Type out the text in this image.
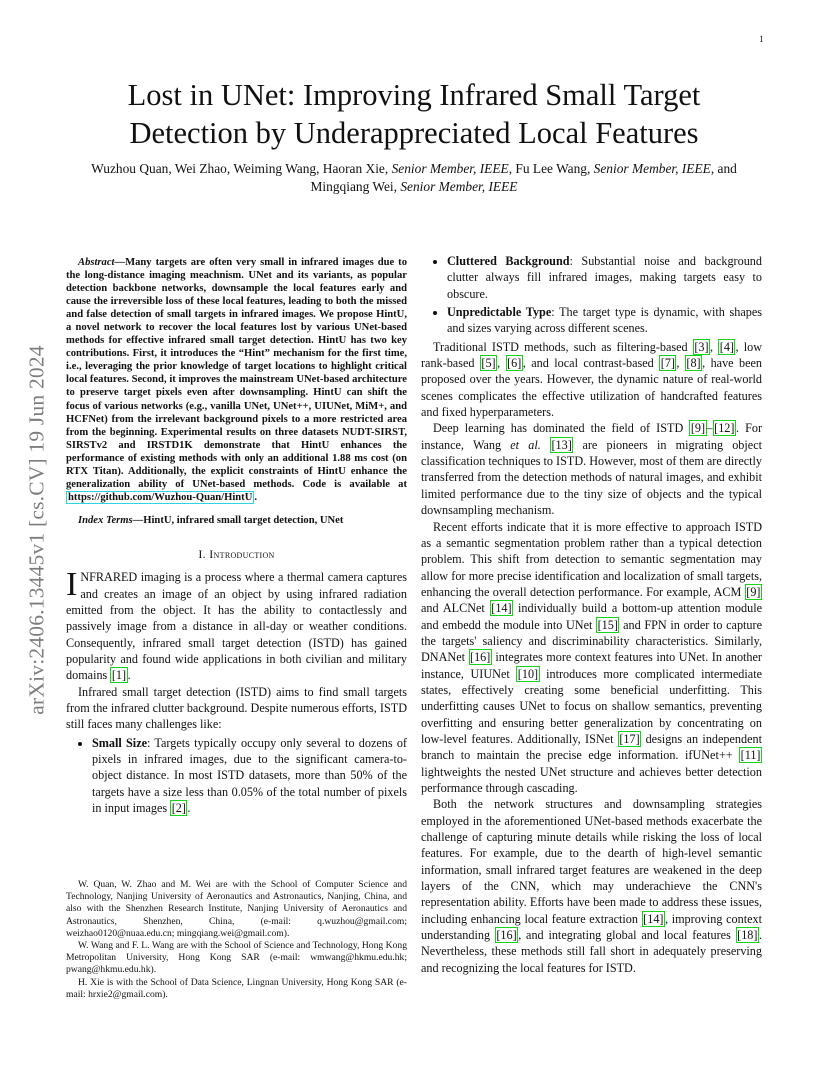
1
arXiv:2406.13445v1 [cs.CV] 19 Jun 2024
Lost in UNet: Improving Infrared Small Target
Detection by Underappreciated Local Features
Wuzhou Quan, Wei Zhao, Weiming Wang, Haoran Xie, Senior Member, IEEE, Fu Lee Wang, Senior Member, IEEE, and Mingqiang Wei, Senior Member, IEEE

Abstract—Many targets are often very small in infrared images due to the long-distance imaging meachnism. UNet and its variants, as popular detection backbone networks, downsample the local features early and cause the irreversible loss of these local features, leading to both the missed and false detection of small targets in infrared images. We propose HintU, a novel network to recover the local features lost by various UNet-based methods for effective infrared small target detection. HintU has two key contributions. First, it introduces the “Hint” mechanism for the first time, i.e., leveraging the prior knowledge of target locations to highlight critical local features. Second, it improves the mainstream UNet-based architecture to preserve target pixels even after downsampling. HintU can shift the focus of various networks (e.g., vanilla UNet, UNet++, UIUNet, MiM+, and HCFNet) from the irrelevant background pixels to a more restricted area from the beginning. Experimental results on three datasets NUDT-SIRST, SIRSTv2 and IRSTD1K demonstrate that HintU enhances the performance of existing methods with only an additional 1.88 ms cost (on RTX Titan). Additionally, the explicit constraints of HintU enhance the generalization ability of UNet-based methods. Code is available at https://github.com/Wuzhou-Quan/HintU .

Index Terms—HintU, infrared small target detection, UNet

I. Introduction

INFRARED imaging is a process where a thermal camera captures and creates an image of an object by using infrared radiation emitted from the object. It has the ability to contactlessly and passively image from a distance in all-day or weather conditions. Consequently, infrared small target detection (ISTD) has gained popularity and found wide applications in both civilian and military domains [1] .

Infrared small target detection (ISTD) aims to find small targets from the infrared clutter background. Despite numerous efforts, ISTD still faces many challenges like:

• Small Size: Targets typically occupy only several to dozens of pixels in infrared images, due to the significant camera-to-object distance. In most ISTD datasets, more than 50% of the targets have a size less than 0.05% of the total number of pixels in input images [2] .

W. Quan, W. Zhao and M. Wei are with the School of Computer Science and Technology, Nanjing University of Aeronautics and Astronautics, Nanjing, China, and also with the Shenzhen Research Institute, Nanjing University of Aeronautics and Astronautics, Shenzhen, China, (e-mail: q.wuzhou@gmail.com; weizhao0120@nuaa.edu.cn; mingqiang.wei@gmail.com).

W. Wang and F. L. Wang are with the School of Science and Technology, Hong Kong Metropolitan University, Hong Kong SAR (e-mail: wmwang@hkmu.edu.hk; pwang@hkmu.edu.hk).

H. Xie is with the School of Data Science, Lingnan University, Hong Kong SAR (e-mail: hrxie2@gmail.com).

• Cluttered Background: Substantial noise and background clutter always fill infrared images, making targets easy to obscure.
• Unpredictable Type: The target type is dynamic, with shapes and sizes varying across different scenes.

Traditional ISTD methods, such as filtering-based [3] , [4] , low rank-based [5] , [6] , and local contrast-based [7] , [8] , have been proposed over the years. However, the dynamic nature of real-world scenes complicates the effective utilization of handcrafted features and fixed hyperparameters.

Deep learning has dominated the field of ISTD [9] – [12] . For instance, Wang et al. [13] are pioneers in migrating object classification techniques to ISTD. However, most of them are directly transferred from the detection methods of natural images, and exhibit limited performance due to the tiny size of objects and the typical downsampling mechanism.

Recent efforts indicate that it is more effective to approach ISTD as a semantic segmentation problem rather than a typical detection problem. This shift from detection to semantic segmentation may allow for more precise identification and localization of small targets, enhancing the overall detection performance. For example, ACM [9] and ALCNet [14] individually build a bottom-up attention module and embedd the module into UNet [15] and FPN in order to capture the targets' saliency and discriminability characteristics. Similarly, DNANet [16] integrates more context features into UNet. In another instance, UIUNet [10] introduces more complicated intermediate states, effectively creating some beneficial underfitting. This underfitting causes UNet to focus on shallow semantics, preventing overfitting and ensuring better generalization by concentrating on low-level features. Additionally, ISNet [17] designs an independent branch to maintain the precise edge information. ifUNet++ [11] lightweights the nested UNet structure and achieves better detection performance through cascading.

Both the network structures and downsampling strategies employed in the aforementioned UNet-based methods exacerbate the challenge of capturing minute details while risking the loss of local features. For example, due to the dearth of high-level semantic information, small infrared target features are weakened in the deep layers of the CNN, which may underachieve the CNN's representation ability. Efforts have been made to address these issues, including enhancing local feature extraction [14] , improving context understanding [16] , and integrating global and local features [18] . Nevertheless, these methods still fall short in adequately preserving and recognizing the local features for ISTD.
